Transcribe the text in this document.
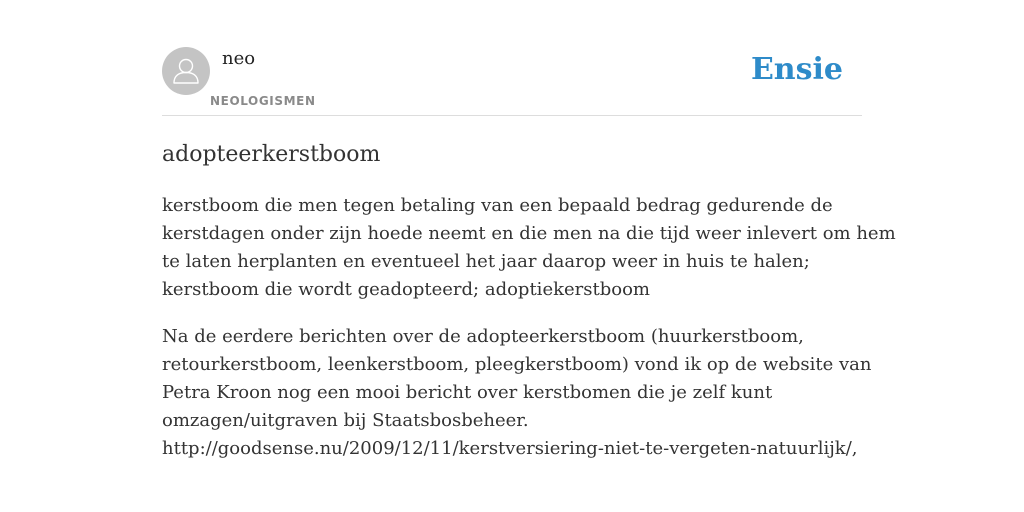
neo
NEOLOGISMEN
Ensie
adopteerkerstboom

kerstboom die men tegen betaling van een bepaald bedrag gedurende de
kerstdagen onder zijn hoede neemt en die men na die tijd weer inlevert om hem
te laten herplanten en eventueel het jaar daarop weer in huis te halen;
kerstboom die wordt geadopteerd; adoptiekerstboom

Na de eerdere berichten over de adopteerkerstboom (huurkerstboom,
retourkerstboom, leenkerstboom, pleegkerstboom) vond ik op de website van
Petra Kroon nog een mooi bericht over kerstbomen die je zelf kunt
omzagen/uitgraven bij Staatsbosbeheer.
http://goodsense.nu/2009/12/11/kerstversiering-niet-te-vergeten-natuurlijk/,
